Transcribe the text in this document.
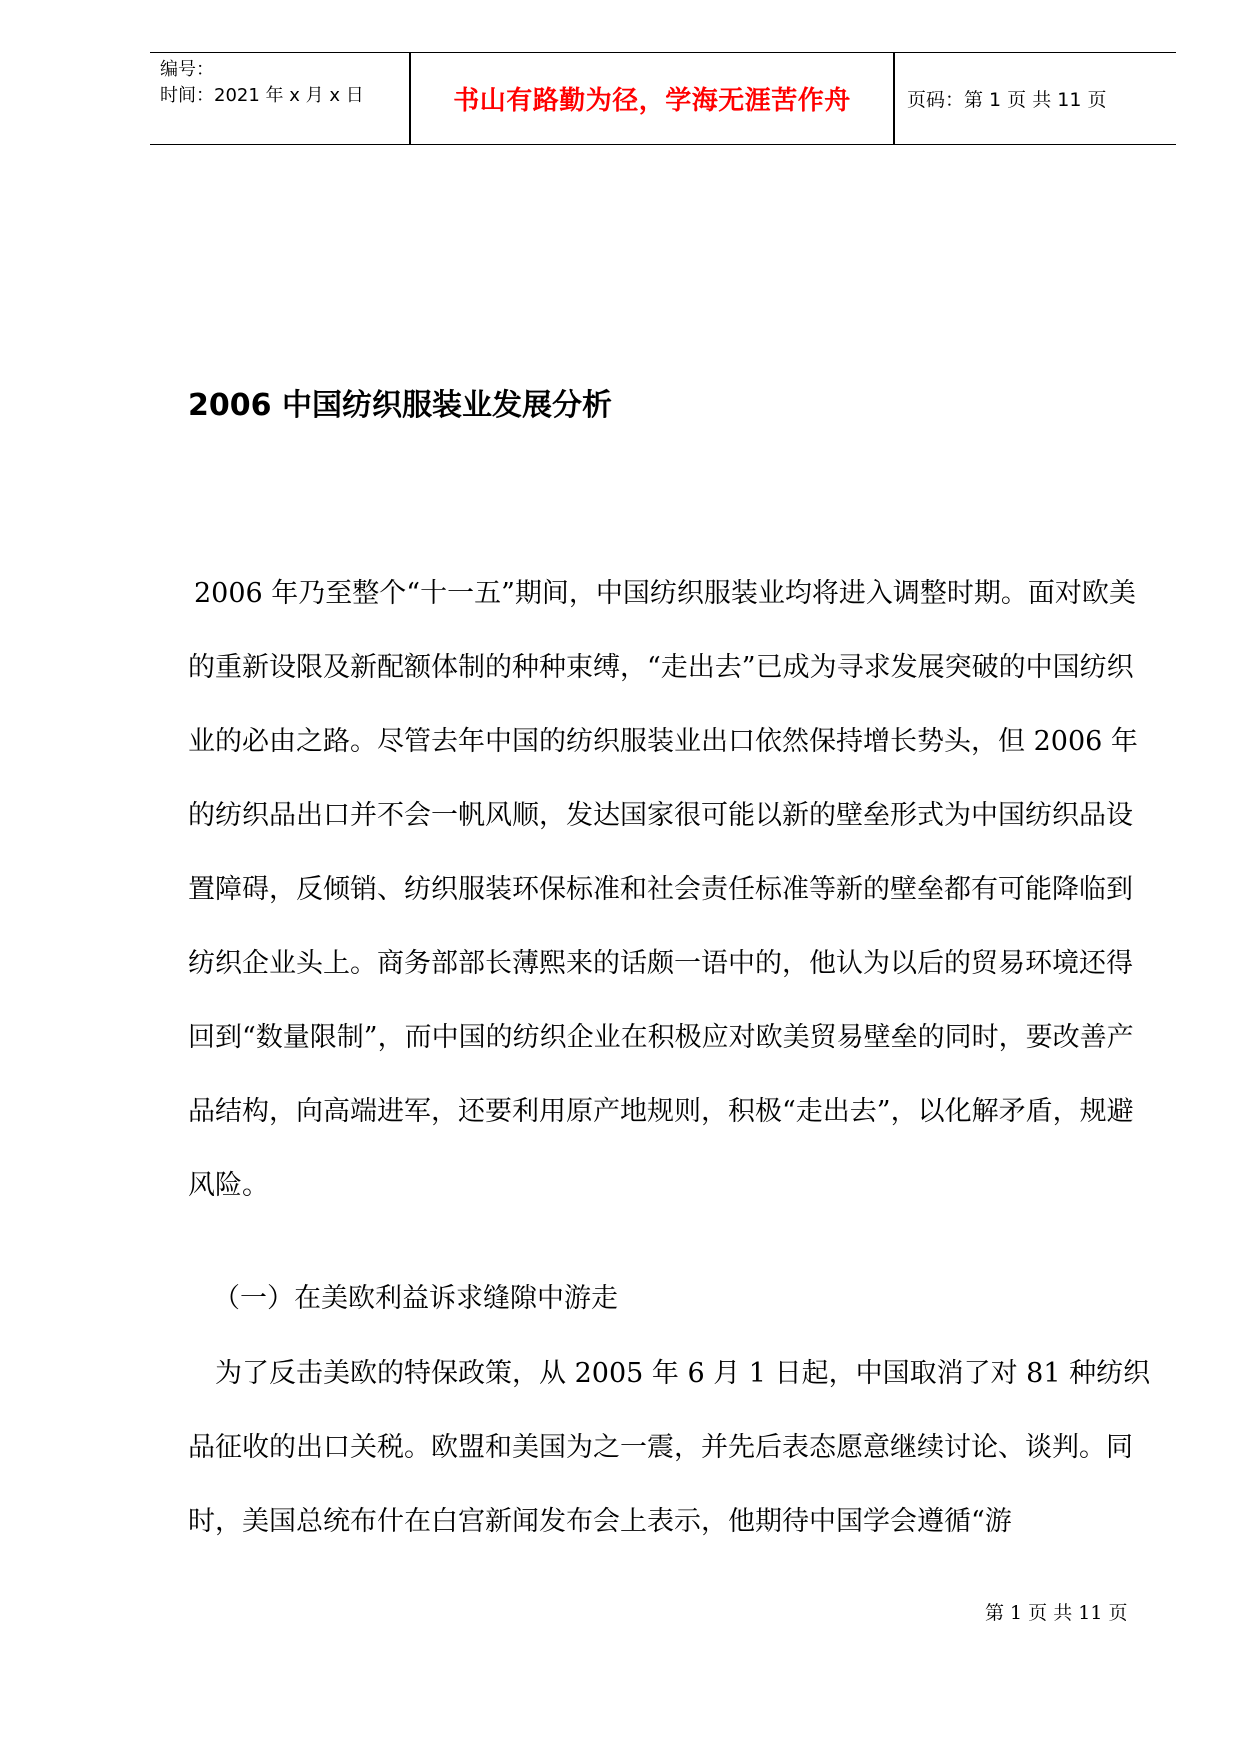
编号：
时间：2021 年 x 月 x 日	书山有路勤为径，学海无涯苦作舟	页码：第 1 页 共 11 页
2006 中国纺织服装业发展分析

2006 年乃至整个“十一五”期间，中国纺织服装业均将进入调整时期。面对欧美的重新设限及新配额体制的种种束缚，“走出去”已成为寻求发展突破的中国纺织业的必由之路。尽管去年中国的纺织服装业出口依然保持增长势头，但 2006 年的纺织品出口并不会一帆风顺，发达国家很可能以新的壁垒形式为中国纺织品设置障碍，反倾销、纺织服装环保标准和社会责任标准等新的壁垒都有可能降临到纺织企业头上。商务部部长薄熙来的话颇一语中的，他认为以后的贸易环境还得回到“数量限制”，而中国的纺织企业在积极应对欧美贸易壁垒的同时，要改善产品结构，向高端进军，还要利用原产地规则，积极“走出去”，以化解矛盾，规避风险。

（一）在美欧利益诉求缝隙中游走

为了反击美欧的特保政策，从 2005 年 6 月 1 日起，中国取消了对 81 种纺织品征收的出口关税。欧盟和美国为之一震，并先后表态愿意继续讨论、谈判。同时，美国总统布什在白宫新闻发布会上表示，他期待中国学会遵循“游

第 1 页 共 11 页
